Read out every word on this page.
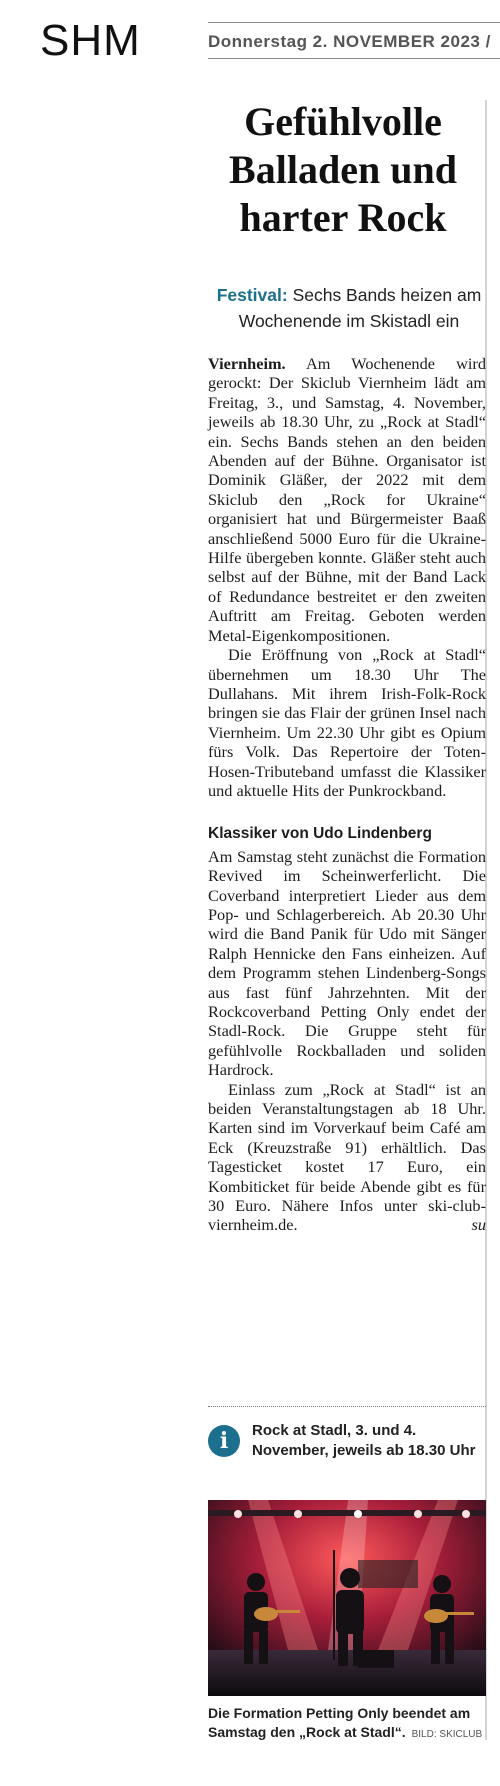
SHM	Donnerstag 2. NOVEMBER 2023 /
Gefühlvolle Balladen und harter Rock
Festival: Sechs Bands heizen am Wochenende im Skistadl ein

Viernheim. Am Wochenende wird gerockt: Der Skiclub Viernheim lädt am Freitag, 3., und Samstag, 4. November, jeweils ab 18.30 Uhr, zu „Rock at Stadl“ ein. Sechs Bands stehen an den beiden Abenden auf der Bühne. Organisator ist Dominik Gläßer, der 2022 mit dem Skiclub den „Rock for Ukraine“ organisiert hat und Bürgermeister Baaß anschließend 5000 Euro für die Ukraine-Hilfe übergeben konnte. Gläßer steht auch selbst auf der Bühne, mit der Band Lack of Redundance bestreitet er den zweiten Auftritt am Freitag. Geboten werden Metal-Eigenkompositionen.

Die Eröffnung von „Rock at Stadl“ übernehmen um 18.30 Uhr The Dullahans. Mit ihrem Irish-Folk-Rock bringen sie das Flair der grünen Insel nach Viernheim. Um 22.30 Uhr gibt es Opium fürs Volk. Das Repertoire der Toten-Hosen-Tributeband umfasst die Klassiker und aktuelle Hits der Punkrockband.

Klassiker von Udo Lindenberg

Am Samstag steht zunächst die Formation Revived im Scheinwerferlicht. Die Coverband interpretiert Lieder aus dem Pop- und Schlagerbereich. Ab 20.30 Uhr wird die Band Panik für Udo mit Sänger Ralph Hennicke den Fans einheizen. Auf dem Programm stehen Lindenberg-Songs aus fast fünf Jahrzehnten. Mit der Rockcoverband Petting Only endet der Stadl-Rock. Die Gruppe steht für gefühlvolle Rockballaden und soliden Hardrock.

Einlass zum „Rock at Stadl“ ist an beiden Veranstaltungstagen ab 18 Uhr. Karten sind im Vorverkauf beim Café am Eck (Kreuzstraße 91) erhältlich. Das Tagesticket kostet 17 Euro, ein Kombiticket für beide Abende gibt es für 30 Euro. Nähere Infos unter ski-club-viernheim.de.	su

i	Rock at Stadl, 3. und 4. November, jeweils ab 18.30 Uhr
Die Formation Petting Only beendet am Samstag den „Rock at Stadl“. BILD: SKICLUB
